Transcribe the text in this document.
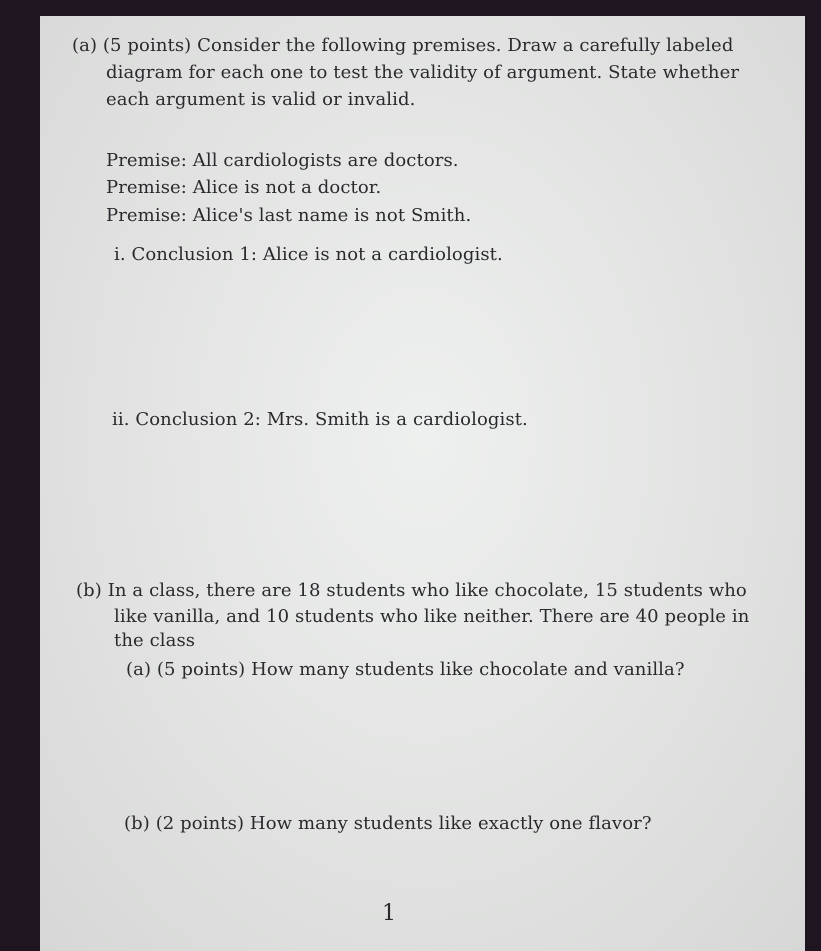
(a) (5 points) Consider the following premises. Draw a carefully labeled
diagram for each one to test the validity of argument. State whether
each argument is valid or invalid.
Premise: All cardiologists are doctors.
Premise: Alice is not a doctor.
Premise: Alice's last name is not Smith.
i. Conclusion 1: Alice is not a cardiologist.
ii. Conclusion 2: Mrs. Smith is a cardiologist.
(b) In a class, there are 18 students who like chocolate, 15 students who
like vanilla, and 10 students who like neither. There are 40 people in
the class
(a) (5 points) How many students like chocolate and vanilla?
(b) (2 points) How many students like exactly one flavor?
1
